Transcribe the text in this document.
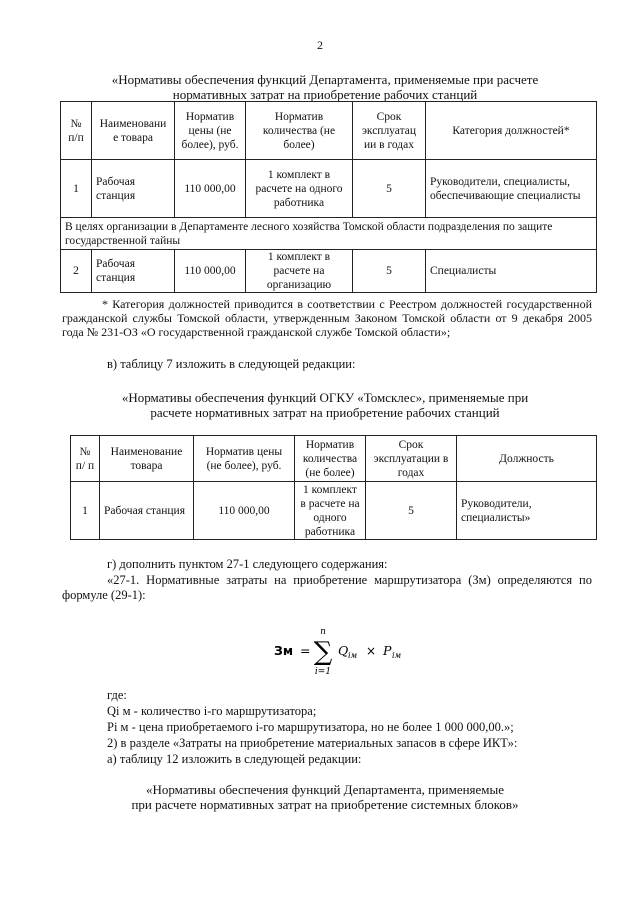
2
«Нормативы обеспечения функций Департамента, применяемые при расчете
нормативных затрат на приобретение рабочих станций
№ п/п	Наименовани е товара	Норматив цены (не более), руб.	Норматив количества (не более)	Срок эксплуатац ии в годах	Категория должностей*
1	Рабочая станция	110 000,00	1 комплект в расчете на одного работника	5	Руководители, специалисты, обеспечивающие специалисты
В целях организации в Департаменте лесного хозяйства Томской области подразделения по защите государственной тайны					
2	Рабочая станция	110 000,00	1 комплект в расчете на организацию	5	Специалисты
* Категория должностей приводится в соответствии с Реестром должностей государственной гражданской службы Томской области, утвержденным Законом Томской области от 9 декабря 2005 года № 231-ОЗ «О государственной гражданской службе Томской области»;
в) таблицу 7 изложить в следующей редакции:
«Нормативы обеспечения функций ОГКУ «Томсклес», применяемые при
расчете нормативных затрат на приобретение рабочих станций
№ п/ п	Наименование товара	Норматив цены (не более), руб.	Норматив количества (не более)	Срок эксплуатации в годах	Должность
1	Рабочая станция	110 000,00	1 комплект в расчете на одного работника	5	Руководители, специалисты»
г) дополнить пунктом 27-1 следующего содержания:
«27-1. Нормативные затраты на приобретение маршрутизатора (Зм) определяются по формуле (29-1):
Зм =
n
∑
i=1
Q iм × P iм
где:
Qi м - количество i-го маршрутизатора;
Pi м - цена приобретаемого i-го маршрутизатора, но не более 1 000 000,00.»;
2) в разделе «Затраты на приобретение материальных запасов в сфере ИКТ»:
а) таблицу 12 изложить в следующей редакции:
«Нормативы обеспечения функций Департамента, применяемые
при расчете нормативных затрат на приобретение системных блоков»
